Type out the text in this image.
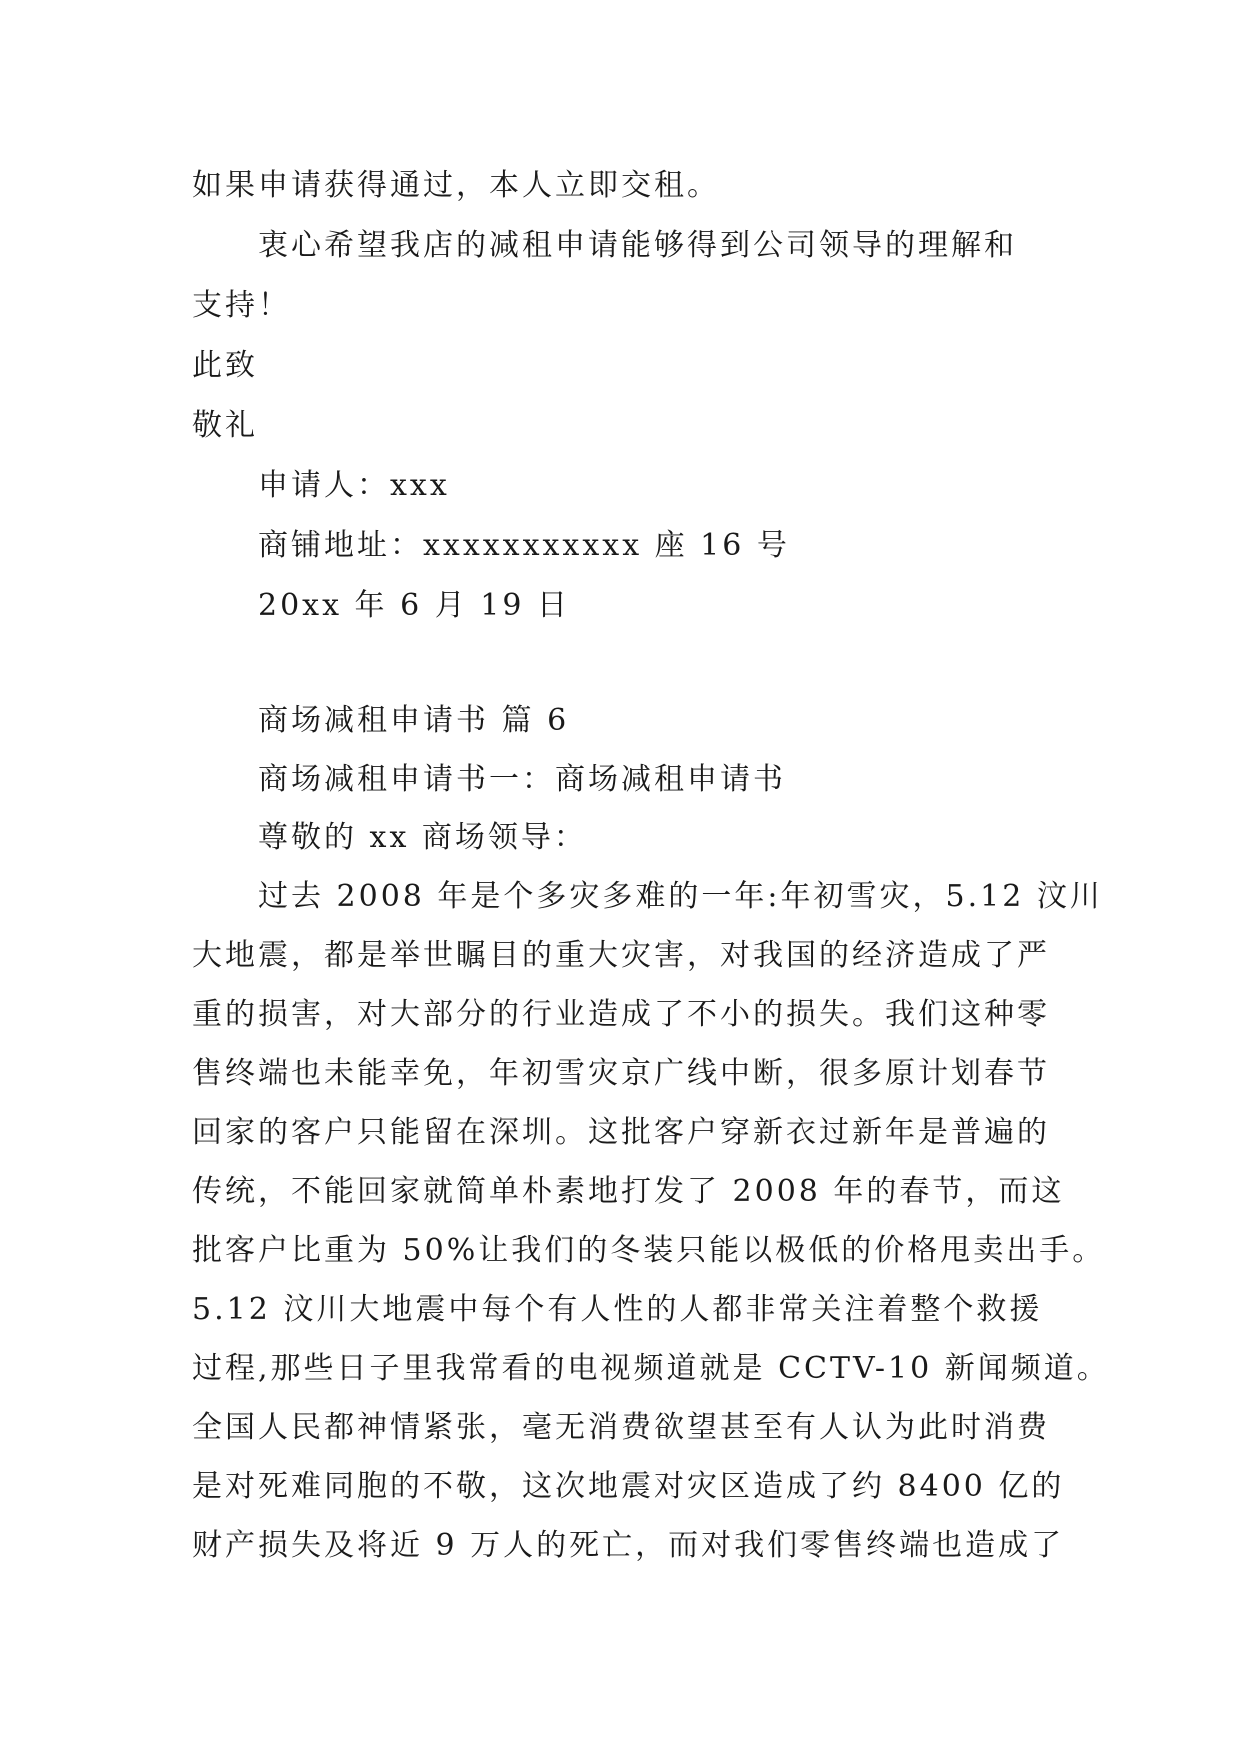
如果申请获得通过，本人立即交租。

衷心希望我店的减租申请能够得到公司领导的理解和

支持！

此致

敬礼

申请人：xxx

商铺地址：xxxxxxxxxxx 座 16 号

20xx 年 6 月 19 日

商场减租申请书 篇 6

商场减租申请书一：商场减租申请书

尊敬的 xx 商场领导：

过去 2008 年是个多灾多难的一年:年初雪灾，5.12 汶川

大地震，都是举世瞩目的重大灾害，对我国的经济造成了严

重的损害，对大部分的行业造成了不小的损失。我们这种零

售终端也未能幸免，年初雪灾京广线中断，很多原计划春节

回家的客户只能留在深圳。这批客户穿新衣过新年是普遍的

传统，不能回家就简单朴素地打发了 2008 年的春节，而这

批客户比重为 50%让我们的冬装只能以极低的价格甩卖出手。

5.12 汶川大地震中每个有人性的人都非常关注着整个救援

过程,那些日子里我常看的电视频道就是 CCTV-10 新闻频道。

全国人民都神情紧张，毫无消费欲望甚至有人认为此时消费

是对死难同胞的不敬，这次地震对灾区造成了约 8400 亿的

财产损失及将近 9 万人的死亡，而对我们零售终端也造成了
